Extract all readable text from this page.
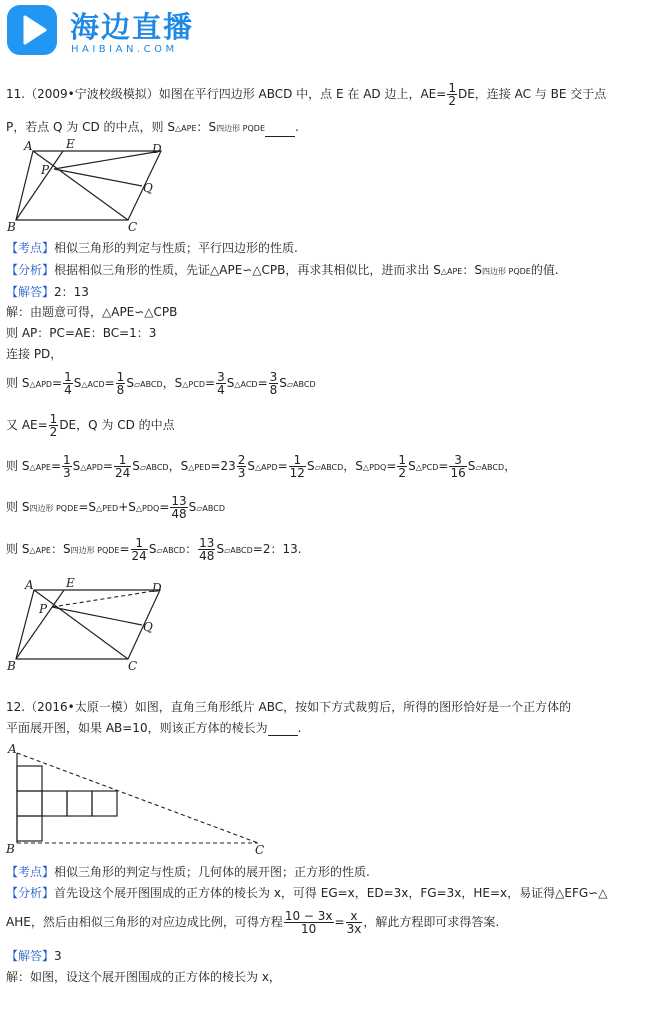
海边直播
HAIBIAN.COM
11.（2009•宁波校级模拟）如图在平行四边形 ABCD 中，点 E 在 AD 边上，$AE= \frac{1}{2}$ DE，连接 AC 与 BE 交于点
P，若点 Q 为 CD 的中点，则 S△APE：S四边形 PQDE	.
A	E	D
P
Q
B	C
【考点】相似三角形的判定与性质；平行四边形的性质.
【分析】根据相似三角形的性质，先证△APE∽△CPB，再求其相似比，进而求出 S△APE：S四边形 PQDE的值.
【解答】2：13
解：由题意可得，△APE∽△CPB
则 AP：PC=AE：BC=1：3
连接 PD，
则 S△APD= $\frac{1}{4}$ S△ACD= $\frac{1}{8}$ S▱ABCD，S△PCD= $\frac{3}{4}$ S△ACD= $\frac{3}{8}$ S▱ABCD
又 $AE= \frac{1}{2}$ DE，Q 为 CD 的中点
则 S△APE= $\frac{1}{3}$ S△APD= $\frac{1}{24}$ S▱ABCD，S△PED=23 $\frac{2}{3}$ S△APD= $\frac{1}{12}$ S▱ABCD，S△PDQ= $\frac{1}{2}$ S△PCD= $\frac{3}{16}$ S▱ABCD，
则 S四边形 PQDE=S△PED+S△PDQ= $\frac{13}{48}$ S▱ABCD
则 S△APE：S四边形 PQDE= $\frac{1}{24}$ S▱ABCD： $\frac{13}{48}$ S▱ABCD=2：13.
A	E	D
P
Q
B	C
12.（2016•太原一模）如图，直角三角形纸片 ABC，按如下方式裁剪后，所得的图形恰好是一个正方体的
平面展开图，如果 AB=10，则该正方体的棱长为	.
A
B	C
【考点】相似三角形的判定与性质；几何体的展开图；正方形的性质.
【分析】首先设这个展开图围成的正方体的棱长为 x，可得 EG=x，ED=3x，FG=3x，HE=x，易证得△EFG∽△
AHE，然后由相似三角形的对应边成比例，可得方程 $\frac{10 - 3x}{10} = \frac{x}{3x}$ ，解此方程即可求得答案.
【解答】3
解：如图，设这个展开图围成的正方体的棱长为 x，
